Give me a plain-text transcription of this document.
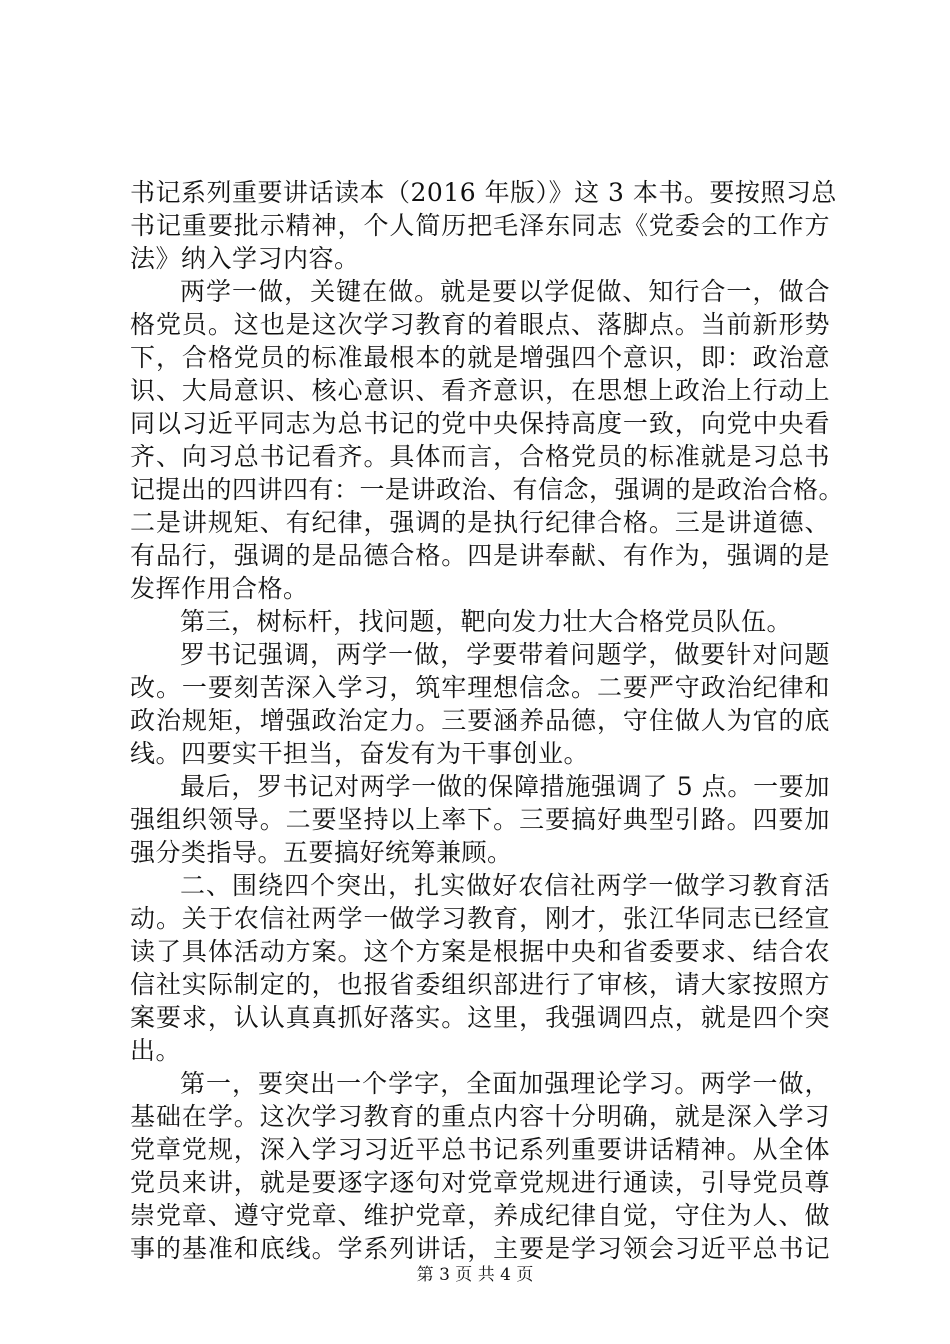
书记系列重要讲话读本（2016 年版）》这 3 本书。要按照习总
书记重要批示精神，个人简历把毛泽东同志《党委会的工作方
法》纳入学习内容。
两学一做，关键在做。就是要以学促做、知行合一，做合
格党员。这也是这次学习教育的着眼点、落脚点。当前新形势
下，合格党员的标准最根本的就是增强四个意识，即：政治意
识、大局意识、核心意识、看齐意识，在思想上政治上行动上
同以习近平同志为总书记的党中央保持高度一致，向党中央看
齐、向习总书记看齐。具体而言，合格党员的标准就是习总书
记提出的四讲四有：一是讲政治、有信念，强调的是政治合格。
二是讲规矩、有纪律，强调的是执行纪律合格。三是讲道德、
有品行，强调的是品德合格。四是讲奉献、有作为，强调的是
发挥作用合格。
第三，树标杆，找问题，靶向发力壮大合格党员队伍。
罗书记强调，两学一做，学要带着问题学，做要针对问题
改。一要刻苦深入学习，筑牢理想信念。二要严守政治纪律和
政治规矩，增强政治定力。三要涵养品德，守住做人为官的底
线。四要实干担当，奋发有为干事创业。
最后，罗书记对两学一做的保障措施强调了 5 点。一要加
强组织领导。二要坚持以上率下。三要搞好典型引路。四要加
强分类指导。五要搞好统筹兼顾。
二、围绕四个突出，扎实做好农信社两学一做学习教育活
动。关于农信社两学一做学习教育，刚才，张江华同志已经宣
读了具体活动方案。这个方案是根据中央和省委要求、结合农
信社实际制定的，也报省委组织部进行了审核，请大家按照方
案要求，认认真真抓好落实。这里，我强调四点，就是四个突
出。
第一，要突出一个学字，全面加强理论学习。两学一做，
基础在学。这次学习教育的重点内容十分明确，就是深入学习
党章党规，深入学习习近平总书记系列重要讲话精神。从全体
党员来讲，就是要逐字逐句对党章党规进行通读，引导党员尊
崇党章、遵守党章、维护党章，养成纪律自觉，守住为人、做
事的基准和底线。学系列讲话，主要是学习领会习近平总书记
第 3 页 共 4 页
